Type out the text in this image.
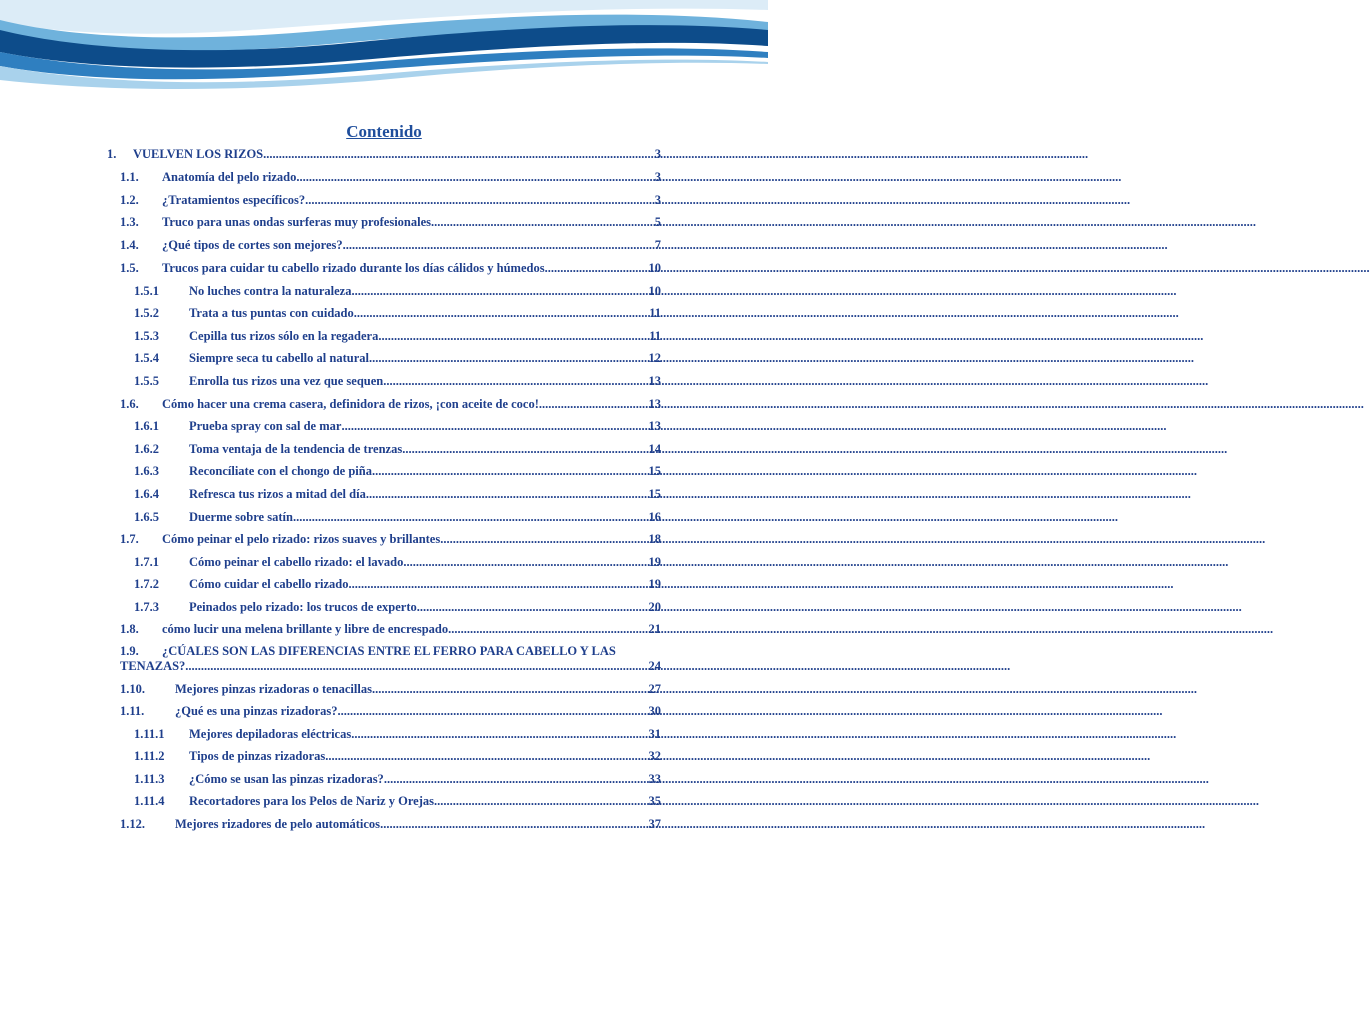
Contenido
1.	VUELVEN LOS RIZOS .....	3
1.1.	Anatomía del pelo rizado .....	3
1.2.	¿Tratamientos específicos? .....	3
1.3.	Truco para unas ondas surferas muy profesionales .....	5
1.4.	¿Qué tipos de cortes son mejores? .....	7
1.5.	Trucos para cuidar tu cabello rizado durante los días cálidos y húmedos .....	10
1.5.1	No luches contra la naturaleza .....	10
1.5.2	Trata a tus puntas con cuidado .....	11
1.5.3	Cepilla tus rizos sólo en la regadera .....	11
1.5.4	Siempre seca tu cabello al natural .....	12
1.5.5	Enrolla tus rizos una vez que sequen .....	13
1.6.	Cómo hacer una crema casera, definidora de rizos, ¡con aceite de coco! .....	13
1.6.1	Prueba spray con sal de mar .....	13
1.6.2	Toma ventaja de la tendencia de trenzas .....	14
1.6.3	Reconcíliate con el chongo de piña .....	15
1.6.4	Refresca tus rizos a mitad del día .....	15
1.6.5	Duerme sobre satín .....	16
1.7.	Cómo peinar el pelo rizado: rizos suaves y brillantes .....	18
1.7.1	Cómo peinar el cabello rizado: el lavado .....	19
1.7.2	Cómo cuidar el cabello rizado .....	19
1.7.3	Peinados pelo rizado: los trucos de experto .....	20
1.8.	cómo lucir una melena brillante y libre de encrespado .....	21
1.9.	¿CÚALES SON LAS DIFERENCIAS ENTRE EL FERRO PARA CABELLO Y LAS
TENAZAS? .....	24
1.10.	Mejores pinzas rizadoras o tenacillas .....	27
1.11.	¿Qué es una pinzas rizadoras? .....	30
1.11.1	Mejores depiladoras eléctricas .....	31
1.11.2	Tipos de pinzas rizadoras .....	32
1.11.3	¿Cómo se usan las pinzas rizadoras? .....	33
1.11.4	Recortadores para los Pelos de Nariz y Orejas .....	35
1.12.	Mejores rizadores de pelo automáticos .....	37
